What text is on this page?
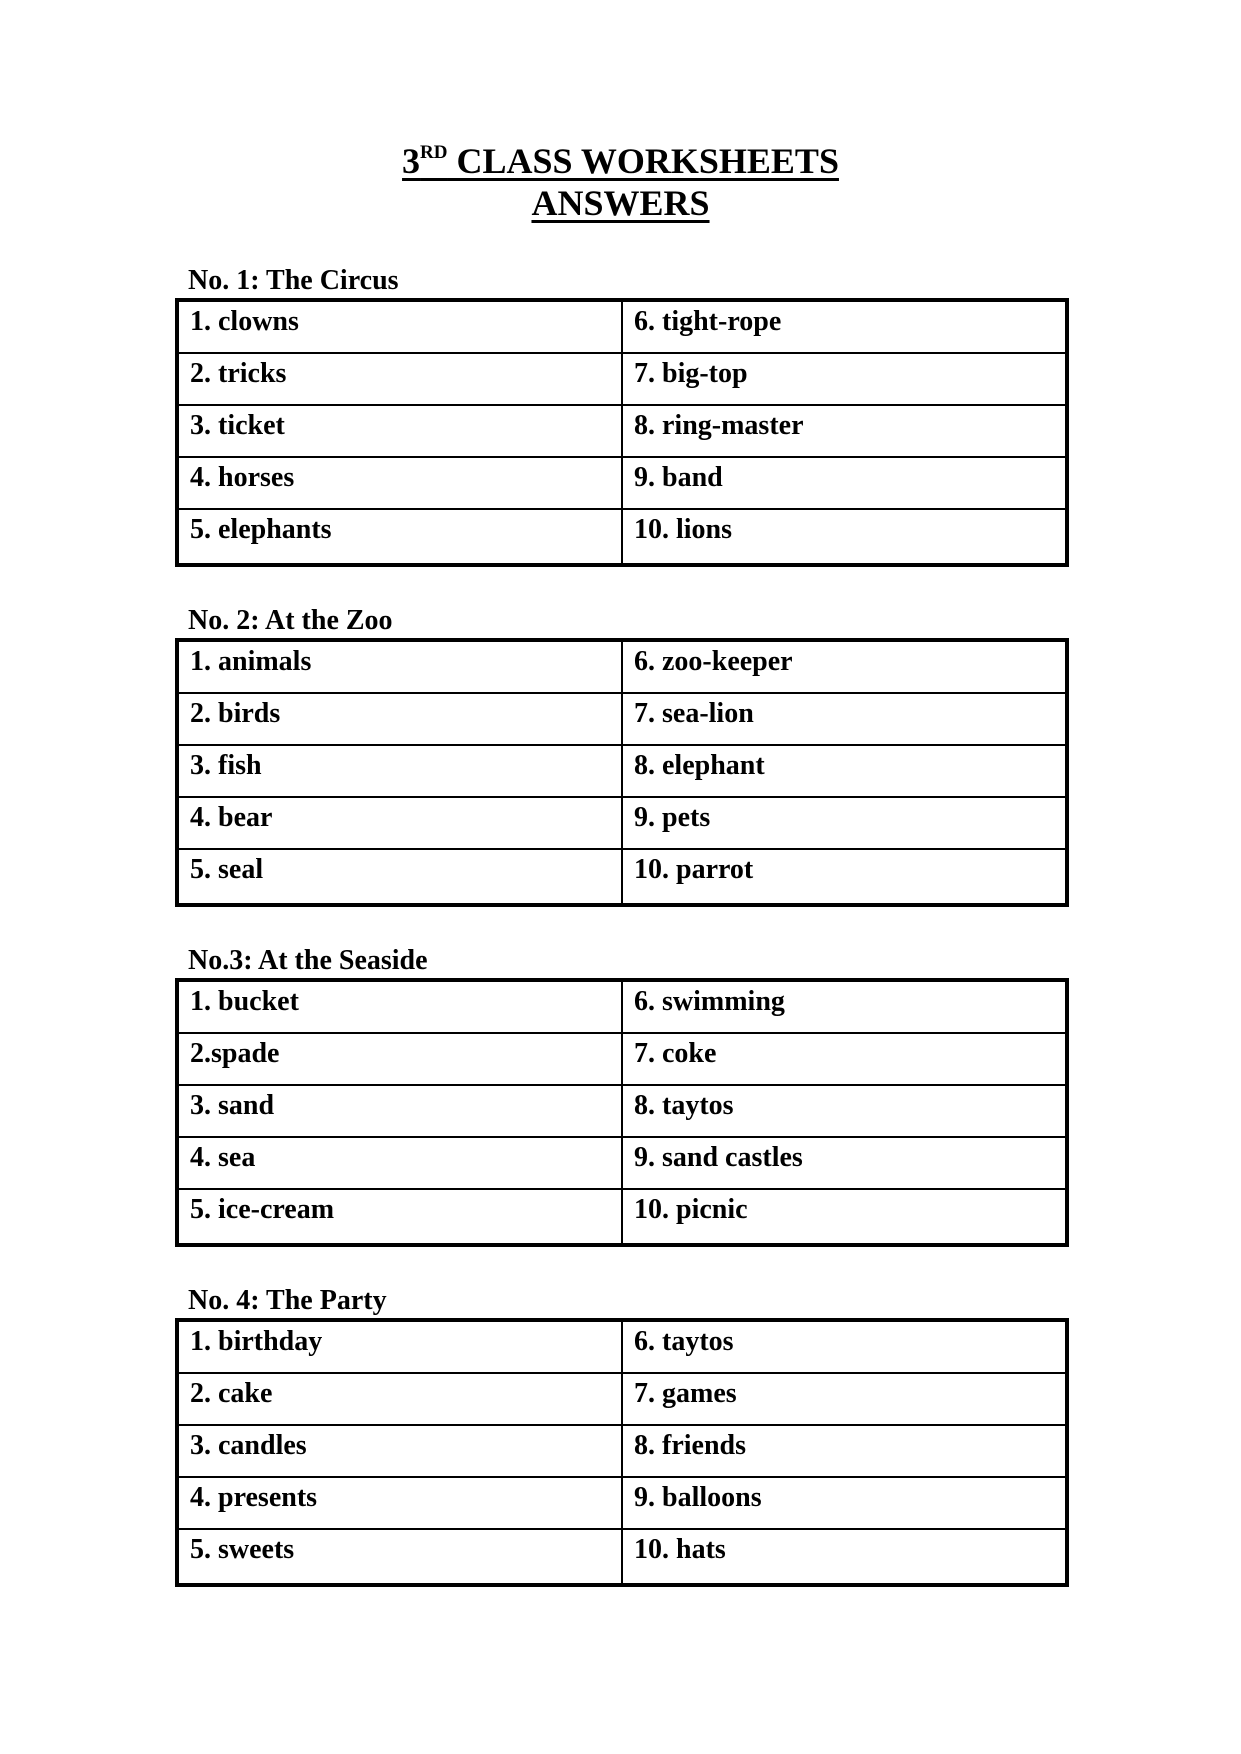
3RD CLASS WORKSHEETS
ANSWERS
No. 1: The Circus
1. clowns	6. tight-rope
2. tricks	7. big-top
3. ticket	8. ring-master
4. horses	9. band
5. elephants	10. lions
No. 2: At the Zoo
1. animals	6. zoo-keeper
2. birds	7. sea-lion
3. fish	8. elephant
4. bear	9. pets
5. seal	10. parrot
No.3: At the Seaside
1. bucket	6. swimming
2.spade	7. coke
3. sand	8. taytos
4. sea	9. sand castles
5. ice-cream	10. picnic
No. 4: The Party
1. birthday	6. taytos
2. cake	7. games
3. candles	8. friends
4. presents	9. balloons
5. sweets	10. hats
